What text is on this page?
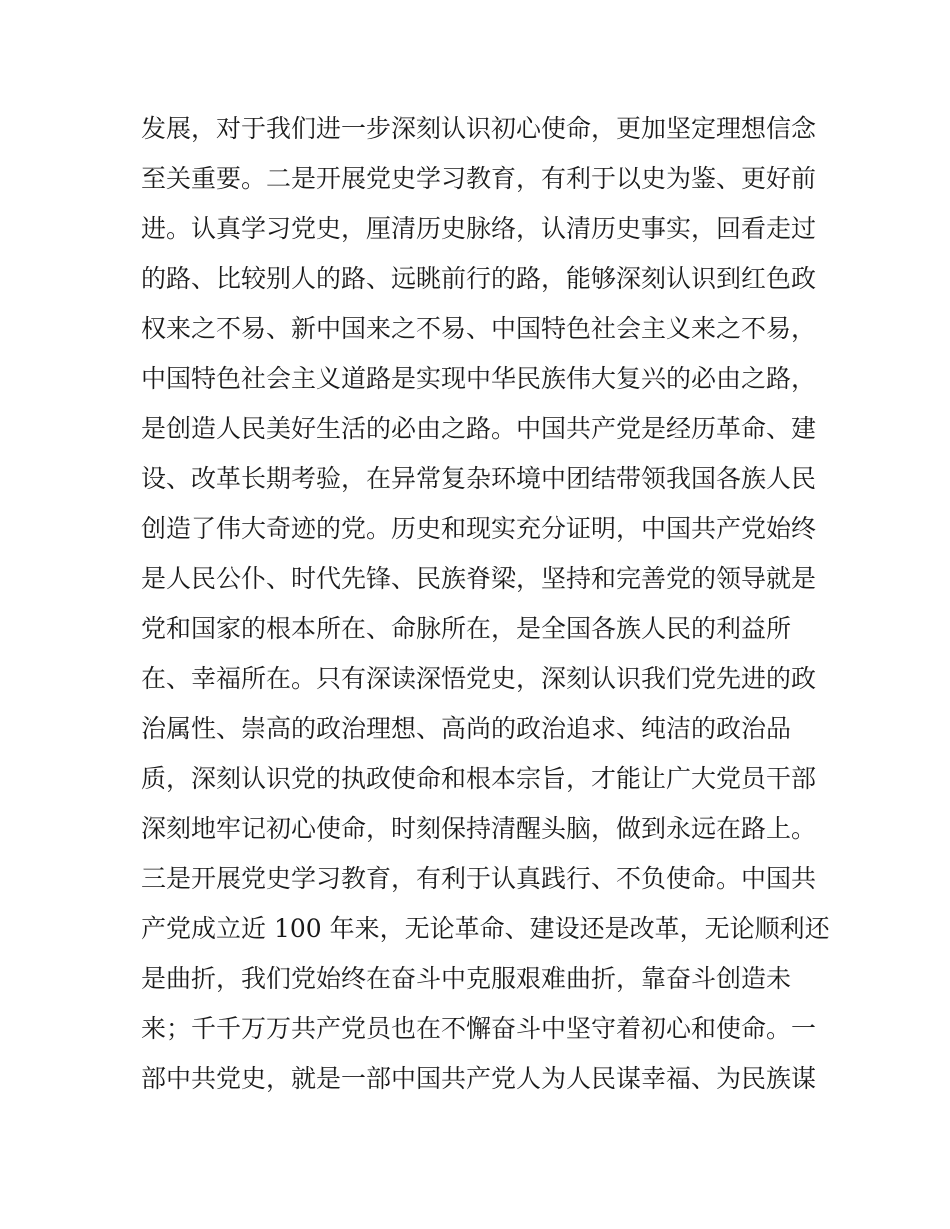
发展，对于我们进一步深刻认识初心使命，更加坚定理想信念
至关重要。二是开展党史学习教育，有利于以史为鉴、更好前
进。认真学习党史，厘清历史脉络，认清历史事实，回看走过
的路、比较别人的路、远眺前行的路，能够深刻认识到红色政
权来之不易、新中国来之不易、中国特色社会主义来之不易，
中国特色社会主义道路是实现中华民族伟大复兴的必由之路，
是创造人民美好生活的必由之路。中国共产党是经历革命、建
设、改革长期考验，在异常复杂环境中团结带领我国各族人民
创造了伟大奇迹的党。历史和现实充分证明，中国共产党始终
是人民公仆、时代先锋、民族脊梁，坚持和完善党的领导就是
党和国家的根本所在、命脉所在，是全国各族人民的利益所
在、幸福所在。只有深读深悟党史，深刻认识我们党先进的政
治属性、崇高的政治理想、高尚的政治追求、纯洁的政治品
质，深刻认识党的执政使命和根本宗旨，才能让广大党员干部
深刻地牢记初心使命，时刻保持清醒头脑，做到永远在路上。
三是开展党史学习教育，有利于认真践行、不负使命。中国共
产党成立近 100 年来，无论革命、建设还是改革，无论顺利还
是曲折，我们党始终在奋斗中克服艰难曲折，靠奋斗创造未
来；千千万万共产党员也在不懈奋斗中坚守着初心和使命。一
部中共党史，就是一部中国共产党人为人民谋幸福、为民族谋
